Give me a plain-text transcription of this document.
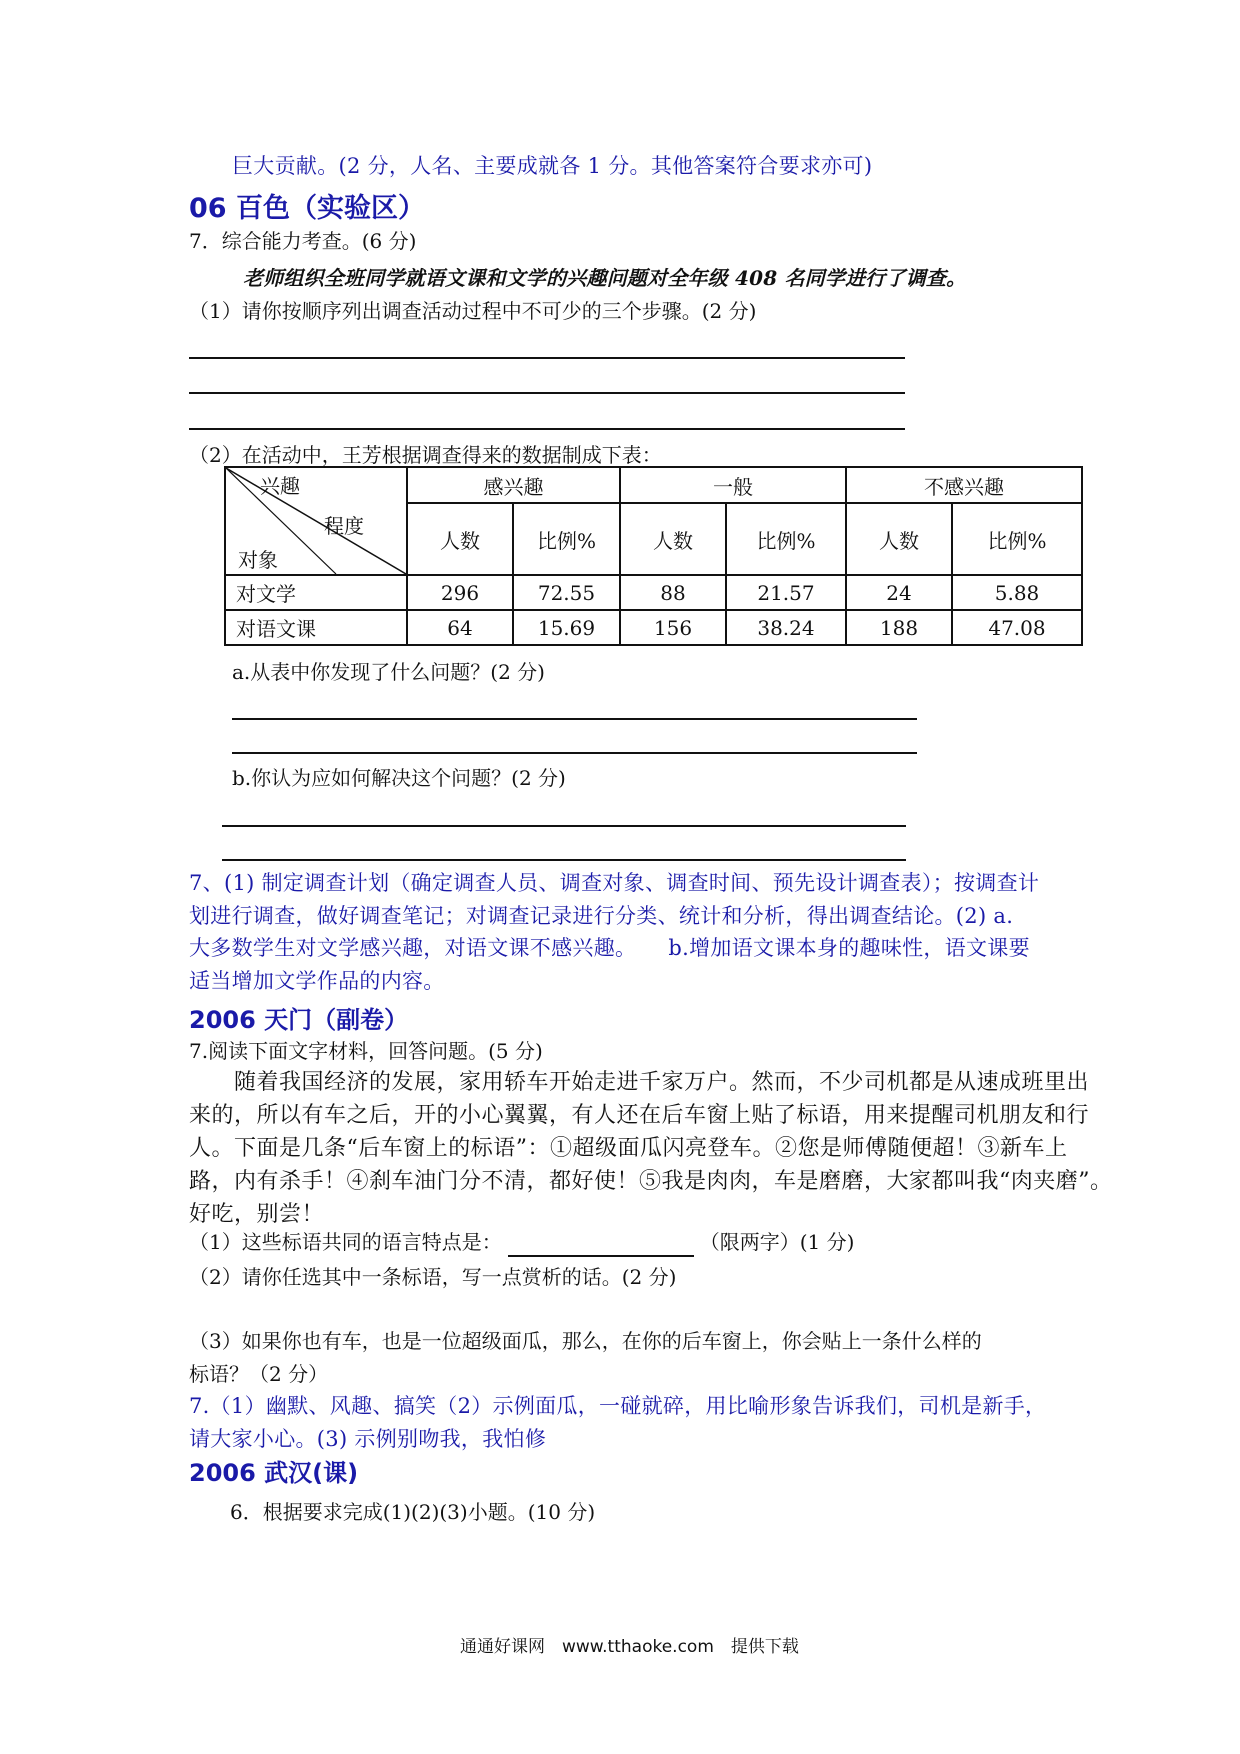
巨大贡献。(2 分，人名、主要成就各 1 分。其他答案符合要求亦可)
06 百色（实验区）
7．综合能力考查。(6 分)
老师组织全班同学就语文课和文学的兴趣问题对全年级 408 名同学进行了调查。
（1）请你按顺序列出调查活动过程中不可少的三个步骤。(2 分)
（2）在活动中，王芳根据调查得来的数据制成下表：
兴趣
程度
对象	感兴趣		一般		不感兴趣	
	人数	比例%	人数	比例%	人数	比例%
对文学	296	72.55	88	21.57	24	5.88
对语文课	64	15.69	156	38.24	188	47.08
a.从表中你发现了什么问题？(2 分)
b.你认为应如何解决这个问题？(2 分)
7、(1) 制定调查计划（确定调查人员、调查对象、调查时间、预先设计调查表）；按调查计
划进行调查，做好调查笔记；对调查记录进行分类、统计和分析，得出调查结论。(2) a.
大多数学生对文学感兴趣，对语文课不感兴趣。　　b.增加语文课本身的趣味性，语文课要
适当增加文学作品的内容。
2006 天门（副卷）
7.阅读下面文字材料，回答问题。(5 分)
　　随着我国经济的发展，家用轿车开始走进千家万户。然而，不少司机都是从速成班里出
来的，所以有车之后，开的小心翼翼，有人还在后车窗上贴了标语，用来提醒司机朋友和行
人。下面是几条“后车窗上的标语”：①超级面瓜闪亮登车。②您是师傅随便超！③新车上
路，内有杀手！④刹车油门分不清，都好使！⑤我是肉肉，车是磨磨，大家都叫我“肉夹磨”。
好吃，别尝！
（1）这些标语共同的语言特点是：	（限两字）(1 分)
（2）请你任选其中一条标语，写一点赏析的话。(2 分)
（3）如果你也有车，也是一位超级面瓜，那么，在你的后车窗上，你会贴上一条什么样的
标语？（2 分）
7.（1）幽默、风趣、搞笑（2）示例面瓜，一碰就碎，用比喻形象告诉我们，司机是新手，
请大家小心。(3) 示例别吻我，我怕修
2006 武汉(课)
6．根据要求完成(1)(2)(3)小题。(10 分)
通通好课网　www.tthaoke.com　提供下载
